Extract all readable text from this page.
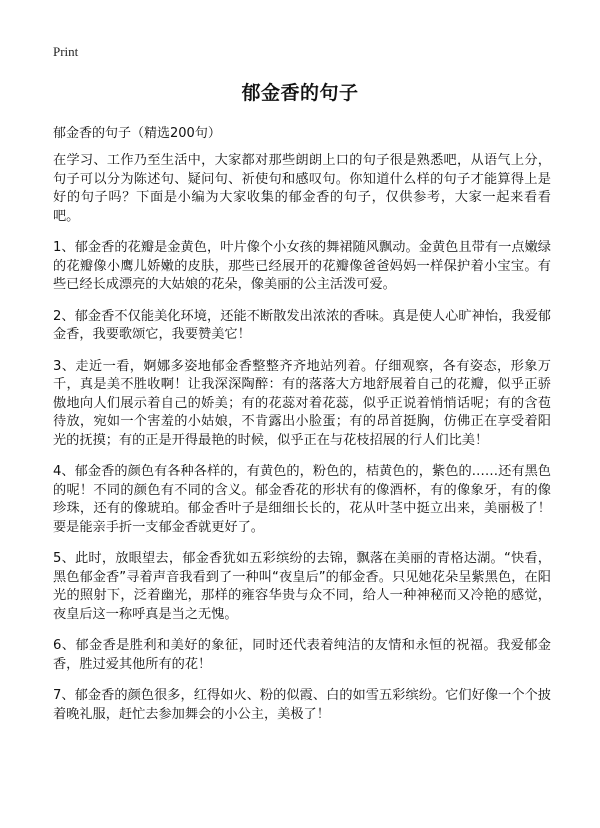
Print
郁金香的句子

郁金香的句子（精选200句）

在学习、工作乃至生活中，大家都对那些朗朗上口的句子很是熟悉吧，从语气上分，句子可以分为陈述句、疑问句、祈使句和感叹句。你知道什么样的句子才能算得上是好的句子吗？下面是小编为大家收集的郁金香的句子，仅供参考，大家一起来看看吧。

1、郁金香的花瓣是金黄色，叶片像个小女孩的舞裙随风飘动。金黄色且带有一点嫩绿的花瓣像小鹰儿娇嫩的皮肤，那些已经展开的花瓣像爸爸妈妈一样保护着小宝宝。有些已经长成漂亮的大姑娘的花朵，像美丽的公主活泼可爱。

2、郁金香不仅能美化环境，还能不断散发出浓浓的香味。真是使人心旷神怡，我爱郁金香，我要歌颂它，我要赞美它！

3、走近一看，婀娜多姿地郁金香整整齐齐地站列着。仔细观察，各有姿态，形象万千，真是美不胜收啊！让我深深陶醉：有的落落大方地舒展着自己的花瓣，似乎正骄傲地向人们展示着自己的娇美；有的花蕊对着花蕊，似乎正说着悄悄话呢；有的含苞待放，宛如一个害羞的小姑娘，不肯露出小脸蛋；有的昂首挺胸，仿佛正在享受着阳光的抚摸；有的正是开得最艳的时候，似乎正在与花枝招展的行人们比美！

4、郁金香的颜色有各种各样的，有黄色的，粉色的，桔黄色的，紫色的……还有黑色的呢！不同的颜色有不同的含义。郁金香花的形状有的像酒杯，有的像象牙，有的像珍珠，还有的像琥珀。郁金香叶子是细细长长的，花从叶茎中挺立出来，美丽极了！要是能亲手折一支郁金香就更好了。

5、此时，放眼望去，郁金香犹如五彩缤纷的去锦，飘落在美丽的青格达湖。“快看，黑色郁金香”寻着声音我看到了一种叫“夜皇后”的郁金香。只见她花朵呈紫黑色，在阳光的照射下，泛着幽光，那样的雍容华贵与众不同，给人一种神秘而又冷艳的感觉，夜皇后这一称呼真是当之无愧。

6、郁金香是胜利和美好的象征，同时还代表着纯洁的友情和永恒的祝福。我爱郁金香，胜过爱其他所有的花！

7、郁金香的颜色很多，红得如火、粉的似霞、白的如雪五彩缤纷。它们好像一个个披着晚礼服，赶忙去参加舞会的小公主，美极了！
